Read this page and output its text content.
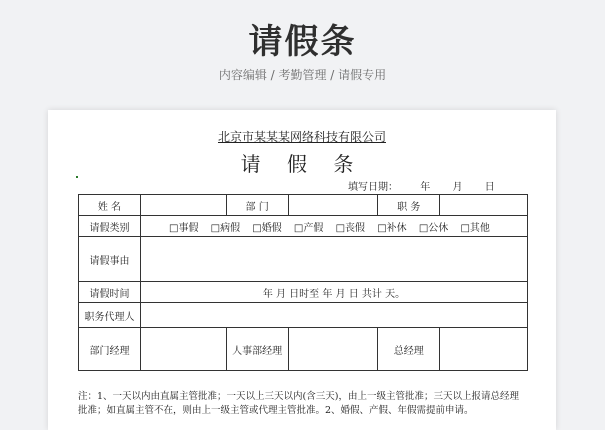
请假条
内容编辑 / 考勤管理 / 请假专用
北京市某某某网络科技有限公司
请 假 条
填写日期：       年       月       日
姓 名		部 门		职 务	
请假类别	□事假 □病假 □婚假 □产假 □丧假 □补休 □公休 □其他				
请假事由					
请假时间	年 月 日时至 年 月 日 共计 天。				
职务代理人					
部门经理		人事部经理		总经理	
注：1、一天以内由直属主管批准；一天以上三天以内(含三天)，由上一级主管批准；三天以上报请总经理
批准；如直属主管不在，则由上一级主管或代理主管批准。2、婚假、产假、年假需提前申请。
